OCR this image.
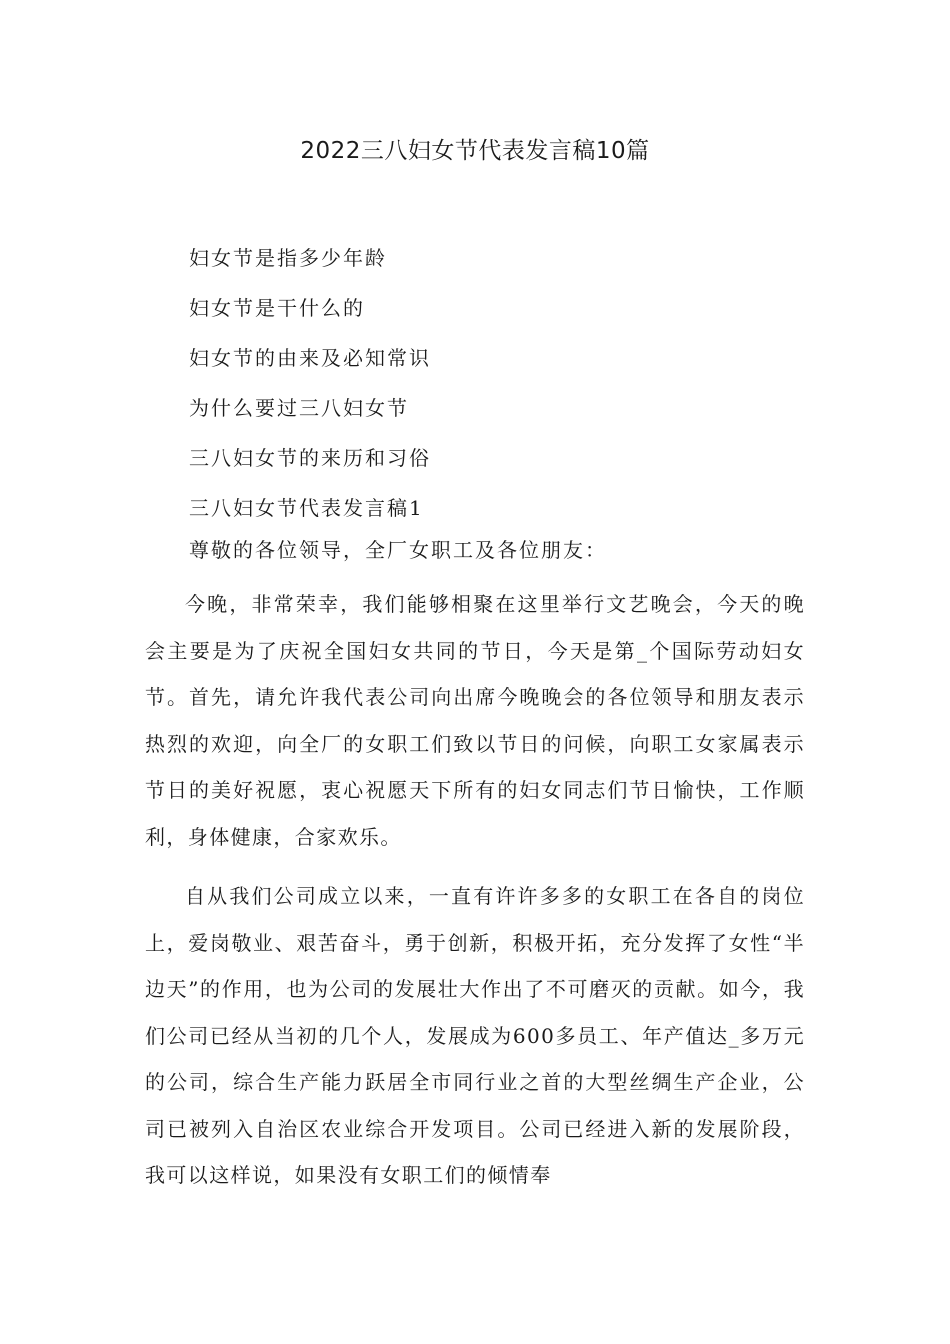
2022三八妇女节代表发言稿10篇
妇女节是指多少年龄
妇女节是干什么的
妇女节的由来及必知常识
为什么要过三八妇女节
三八妇女节的来历和习俗
三八妇女节代表发言稿1
尊敬的各位领导，全厂女职工及各位朋友：

今晚，非常荣幸，我们能够相聚在这里举行文艺晚会，今天的晚会主要是为了庆祝全国妇女共同的节日，今天是第_个国际劳动妇女节。首先，请允许我代表公司向出席今晚晚会的各位领导和朋友表示热烈的欢迎，向全厂的女职工们致以节日的问候，向职工女家属表示节日的美好祝愿，衷心祝愿天下所有的妇女同志们节日愉快，工作顺利，身体健康，合家欢乐。

自从我们公司成立以来，一直有许许多多的女职工在各自的岗位上，爱岗敬业、艰苦奋斗，勇于创新，积极开拓，充分发挥了女性“半边天”的作用，也为公司的发展壮大作出了不可磨灭的贡献。如今，我们公司已经从当初的几个人，发展成为600多员工、年产值达_多万元的公司，综合生产能力跃居全市同行业之首的大型丝绸生产企业，公司已被列入自治区农业综合开发项目。公司已经进入新的发展阶段，我可以这样说，如果没有女职工们的倾情奉
